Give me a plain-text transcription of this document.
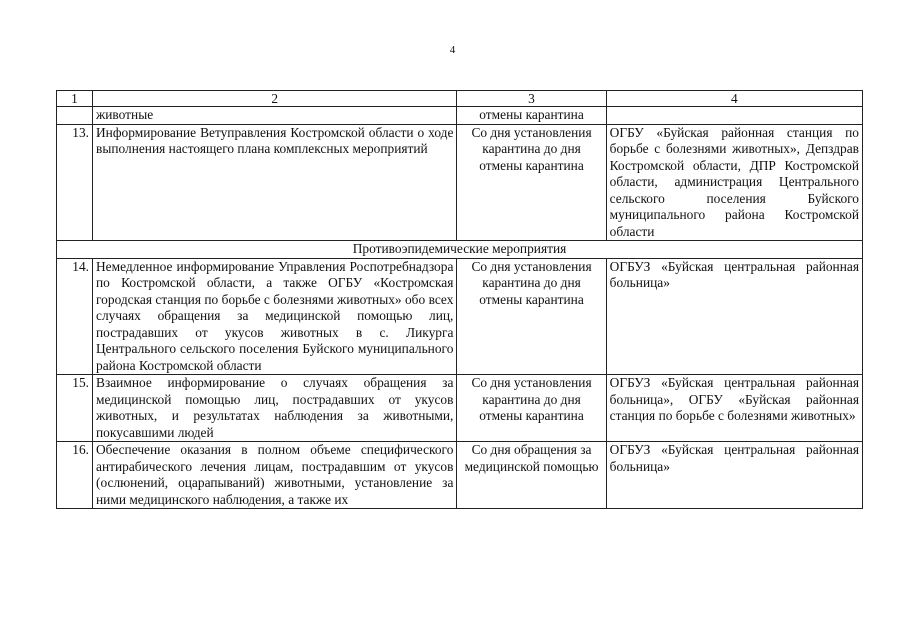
4
1	2	3	4
	животные	отмены карантина	
13.	Информирование Ветуправления Костромской области о ходе выполнения настоящего плана комплексных мероприятий	Со дня установления карантина до дня отмены карантина	ОГБУ «Буйская районная станция по борьбе с болезнями животных», Депздрав Костромской области, ДПР Костромской области, администрация Центрального сельского поселения Буйского муниципального района Костромской области
Противоэпидемические мероприятия			
14.	Немедленное информирование Управления Роспотребнадзора по Костромской области, а также ОГБУ «Костромская городская станция по борьбе с болезнями животных» обо всех случаях обращения за медицинской помощью лиц, пострадавших от укусов животных в с. Ликурга Центрального сельского поселения Буйского муниципального района Костромской области	Со дня установления карантина до дня отмены карантина	ОГБУЗ «Буйская центральная районная больница»
15.	Взаимное информирование о случаях обращения за медицинской помощью лиц, пострадавших от укусов животных, и результатах наблюдения за животными, покусавшими людей	Со дня установления карантина до дня отмены карантина	ОГБУЗ «Буйская центральная районная больница», ОГБУ «Буйская районная станция по борьбе с болезнями животных»
16.	Обеспечение оказания в полном объеме специфического антирабического лечения лицам, пострадавшим от укусов (ослюнений, оцарапываний) животными, установление за ними медицинского наблюдения, а также их	Со дня обращения за медицинской помощью	ОГБУЗ «Буйская центральная районная больница»
